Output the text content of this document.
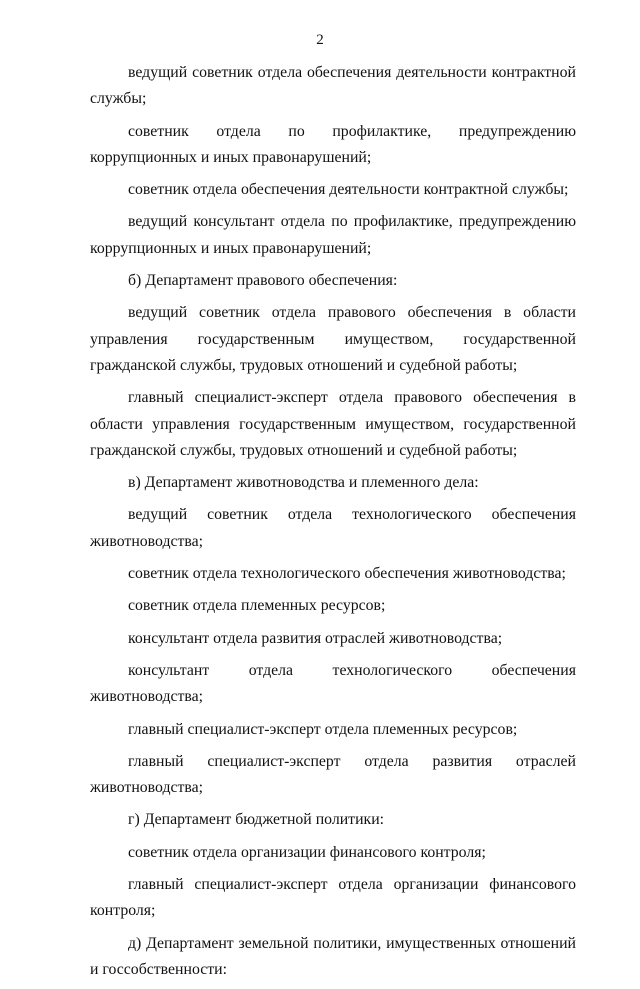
2

ведущий советник отдела обеспечения деятельности контрактной службы;

советник отдела по профилактике, предупреждению коррупционных и иных правонарушений;

советник отдела обеспечения деятельности контрактной службы;

ведущий консультант отдела по профилактике, предупреждению коррупционных и иных правонарушений;

б) Департамент правового обеспечения:

ведущий советник отдела правового обеспечения в области управления государственным имуществом, государственной гражданской службы, трудовых отношений и судебной работы;

главный специалист-эксперт отдела правового обеспечения в области управления государственным имуществом, государственной гражданской службы, трудовых отношений и судебной работы;

в) Департамент животноводства и племенного дела:

ведущий советник отдела технологического обеспечения животноводства;

советник отдела технологического обеспечения животноводства;

советник отдела племенных ресурсов;

консультант отдела развития отраслей животноводства;

консультант отдела технологического обеспечения животноводства;

главный специалист-эксперт отдела племенных ресурсов;

главный специалист-эксперт отдела развития отраслей животноводства;

г) Департамент бюджетной политики:

советник отдела организации финансового контроля;

главный специалист-эксперт отдела организации финансового контроля;

д) Департамент земельной политики, имущественных отношений и госсобственности:
